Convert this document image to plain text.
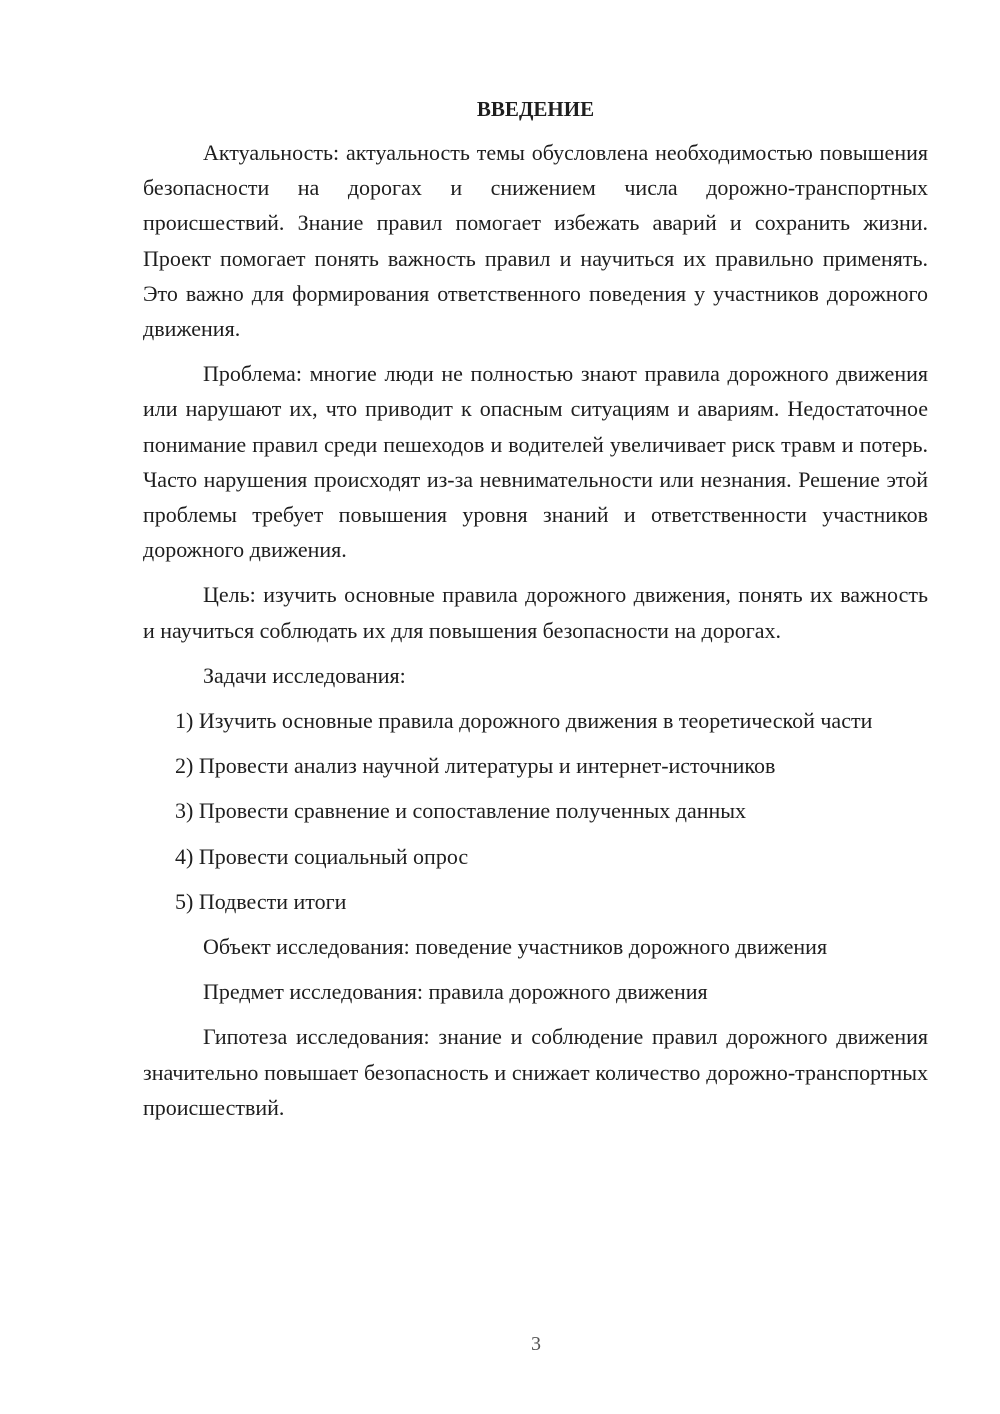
ВВЕДЕНИЕ

Актуальность: актуальность темы обусловлена необходимостью повышения безопасности на дорогах и снижением числа дорожно-транспортных происшествий. Знание правил помогает избежать аварий и сохранить жизни. Проект помогает понять важность правил и научиться их правильно применять. Это важно для формирования ответственного поведения у участников дорожного движения.

Проблема: многие люди не полностью знают правила дорожного движения или нарушают их, что приводит к опасным ситуациям и авариям. Недостаточное понимание правил среди пешеходов и водителей увеличивает риск травм и потерь. Часто нарушения происходят из-за невнимательности или незнания. Решение этой проблемы требует повышения уровня знаний и ответственности участников дорожного движения.

Цель: изучить основные правила дорожного движения, понять их важность и научиться соблюдать их для повышения безопасности на дорогах.

Задачи исследования:

1) Изучить основные правила дорожного движения в теоретической части

2) Провести анализ научной литературы и интернет-источников

3) Провести сравнение и сопоставление полученных данных

4) Провести социальный опрос

5) Подвести итоги

Объект исследования: поведение участников дорожного движения

Предмет исследования: правила дорожного движения

Гипотеза исследования: знание и соблюдение правил дорожного движения значительно повышает безопасность и снижает количество дорожно-транспортных происшествий.

3
